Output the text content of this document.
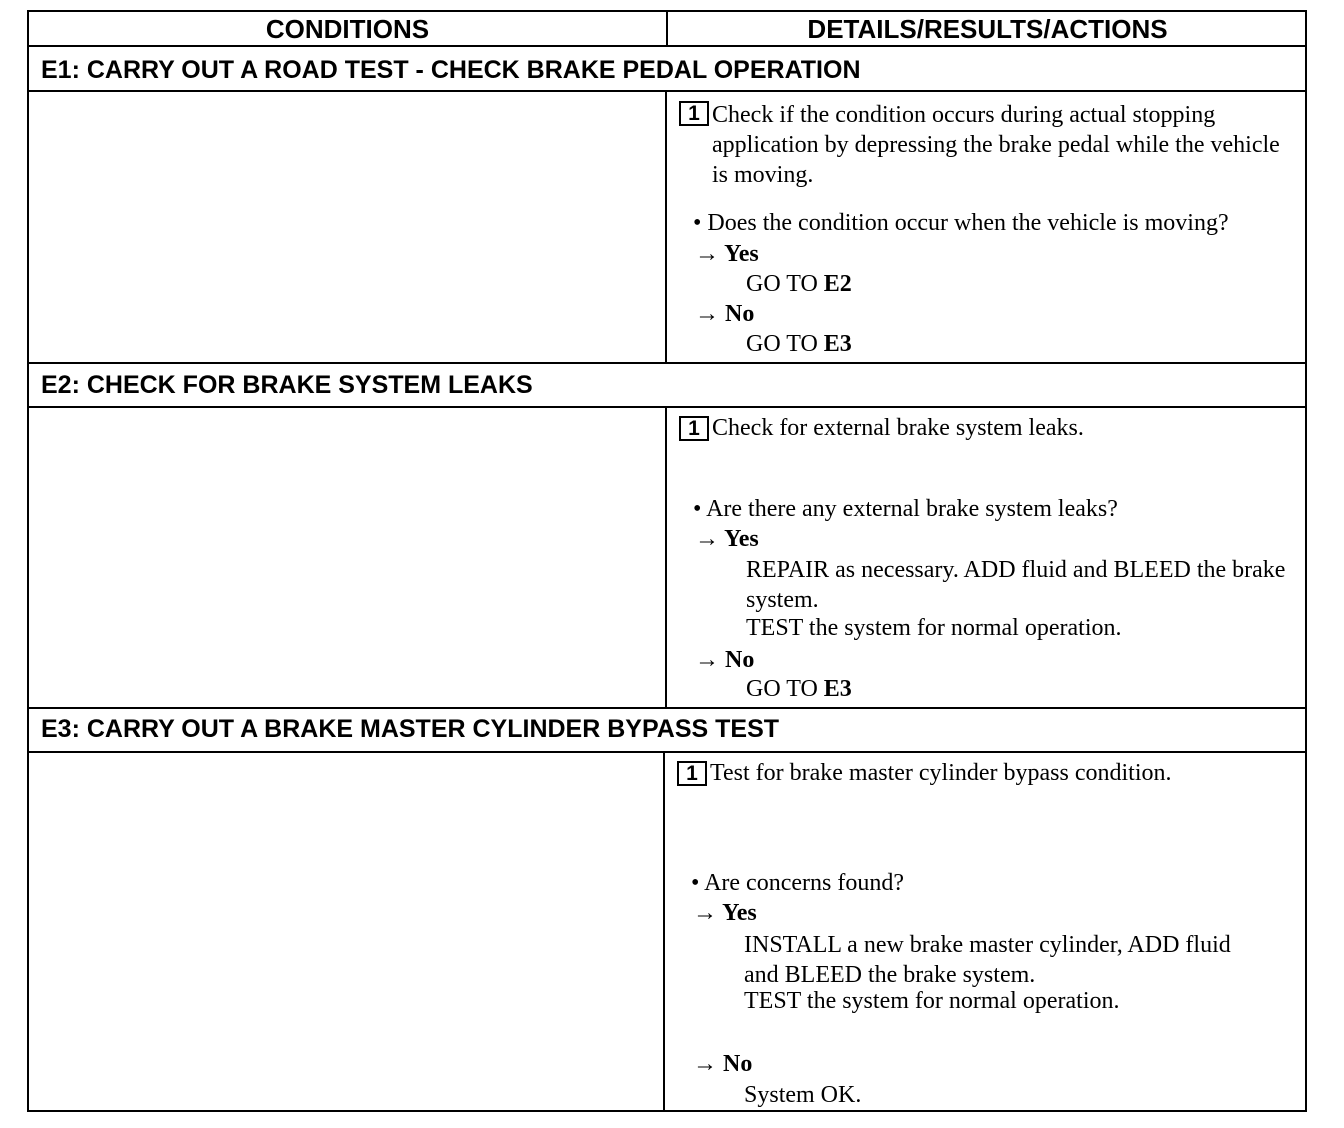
CONDITIONS	DETAILS/RESULTS/ACTIONS
E1: CARRY OUT A ROAD TEST - CHECK BRAKE PEDAL OPERATION
1 Check if the condition occurs during actual stopping application by depressing the brake pedal while the vehicle is moving.
• Does the condition occur when the vehicle is moving?
→ Yes
GO TO E2
→ No
GO TO E3
E2: CHECK FOR BRAKE SYSTEM LEAKS
1 Check for external brake system leaks.
• Are there any external brake system leaks?
→ Yes
REPAIR as necessary. ADD fluid and BLEED the brake system.
TEST the system for normal operation.
→ No
GO TO E3
E3: CARRY OUT A BRAKE MASTER CYLINDER BYPASS TEST
1 Test for brake master cylinder bypass condition.
• Are concerns found?
→ Yes
INSTALL a new brake master cylinder, ADD fluid and BLEED the brake system.
TEST the system for normal operation.
→ No
System OK.
